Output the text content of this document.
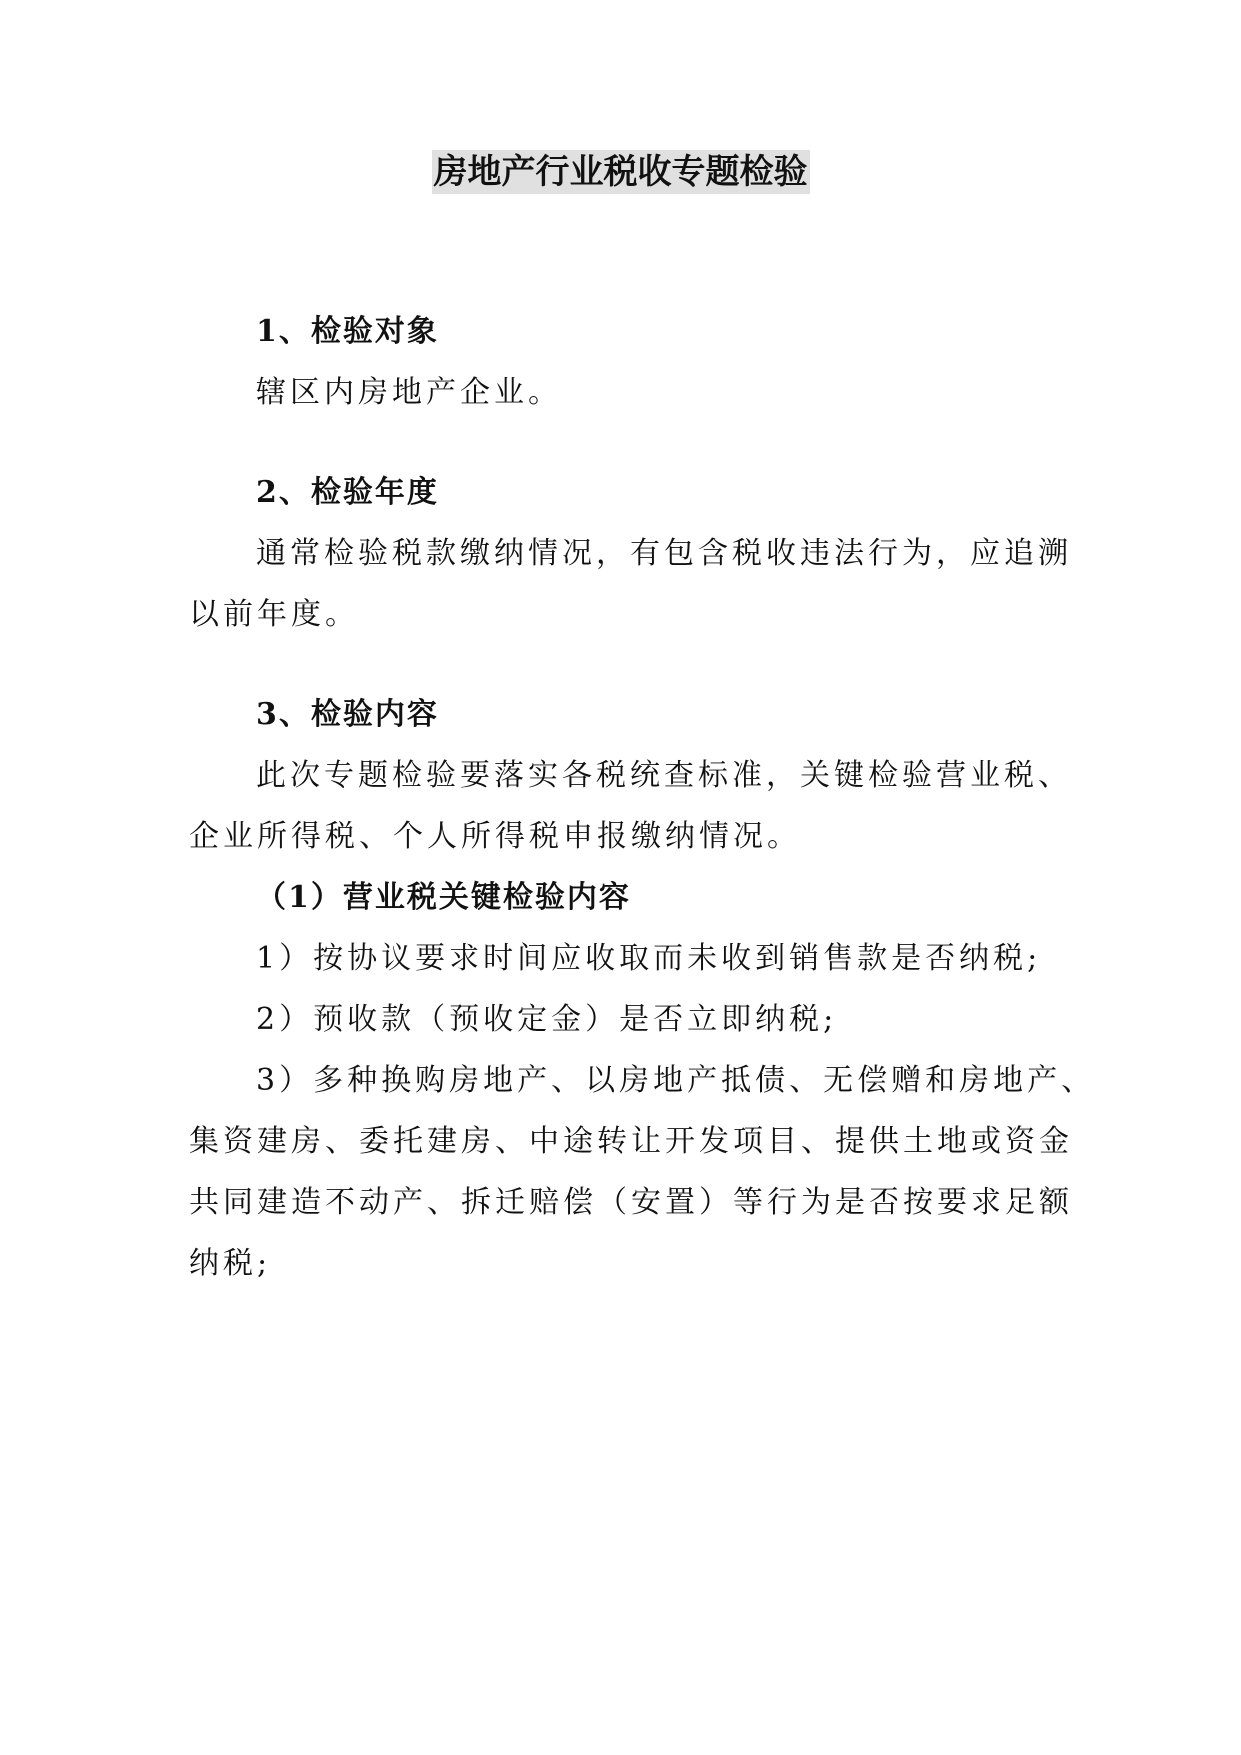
房地产行业税收专题检验
1、检验对象
辖区内房地产企业。
2、检验年度
通常检验税款缴纳情况，有包含税收违法行为，应追溯
以前年度。
3、检验内容
此次专题检验要落实各税统查标准，关键检验营业税、
企业所得税、个人所得税申报缴纳情况。
（1）营业税关键检验内容
1）按协议要求时间应收取而未收到销售款是否纳税;
2）预收款（预收定金）是否立即纳税;
3）多种换购房地产、以房地产抵债、无偿赠和房地产、
集资建房、委托建房、中途转让开发项目、提供土地或资金
共同建造不动产、拆迁赔偿（安置）等行为是否按要求足额
纳税;
